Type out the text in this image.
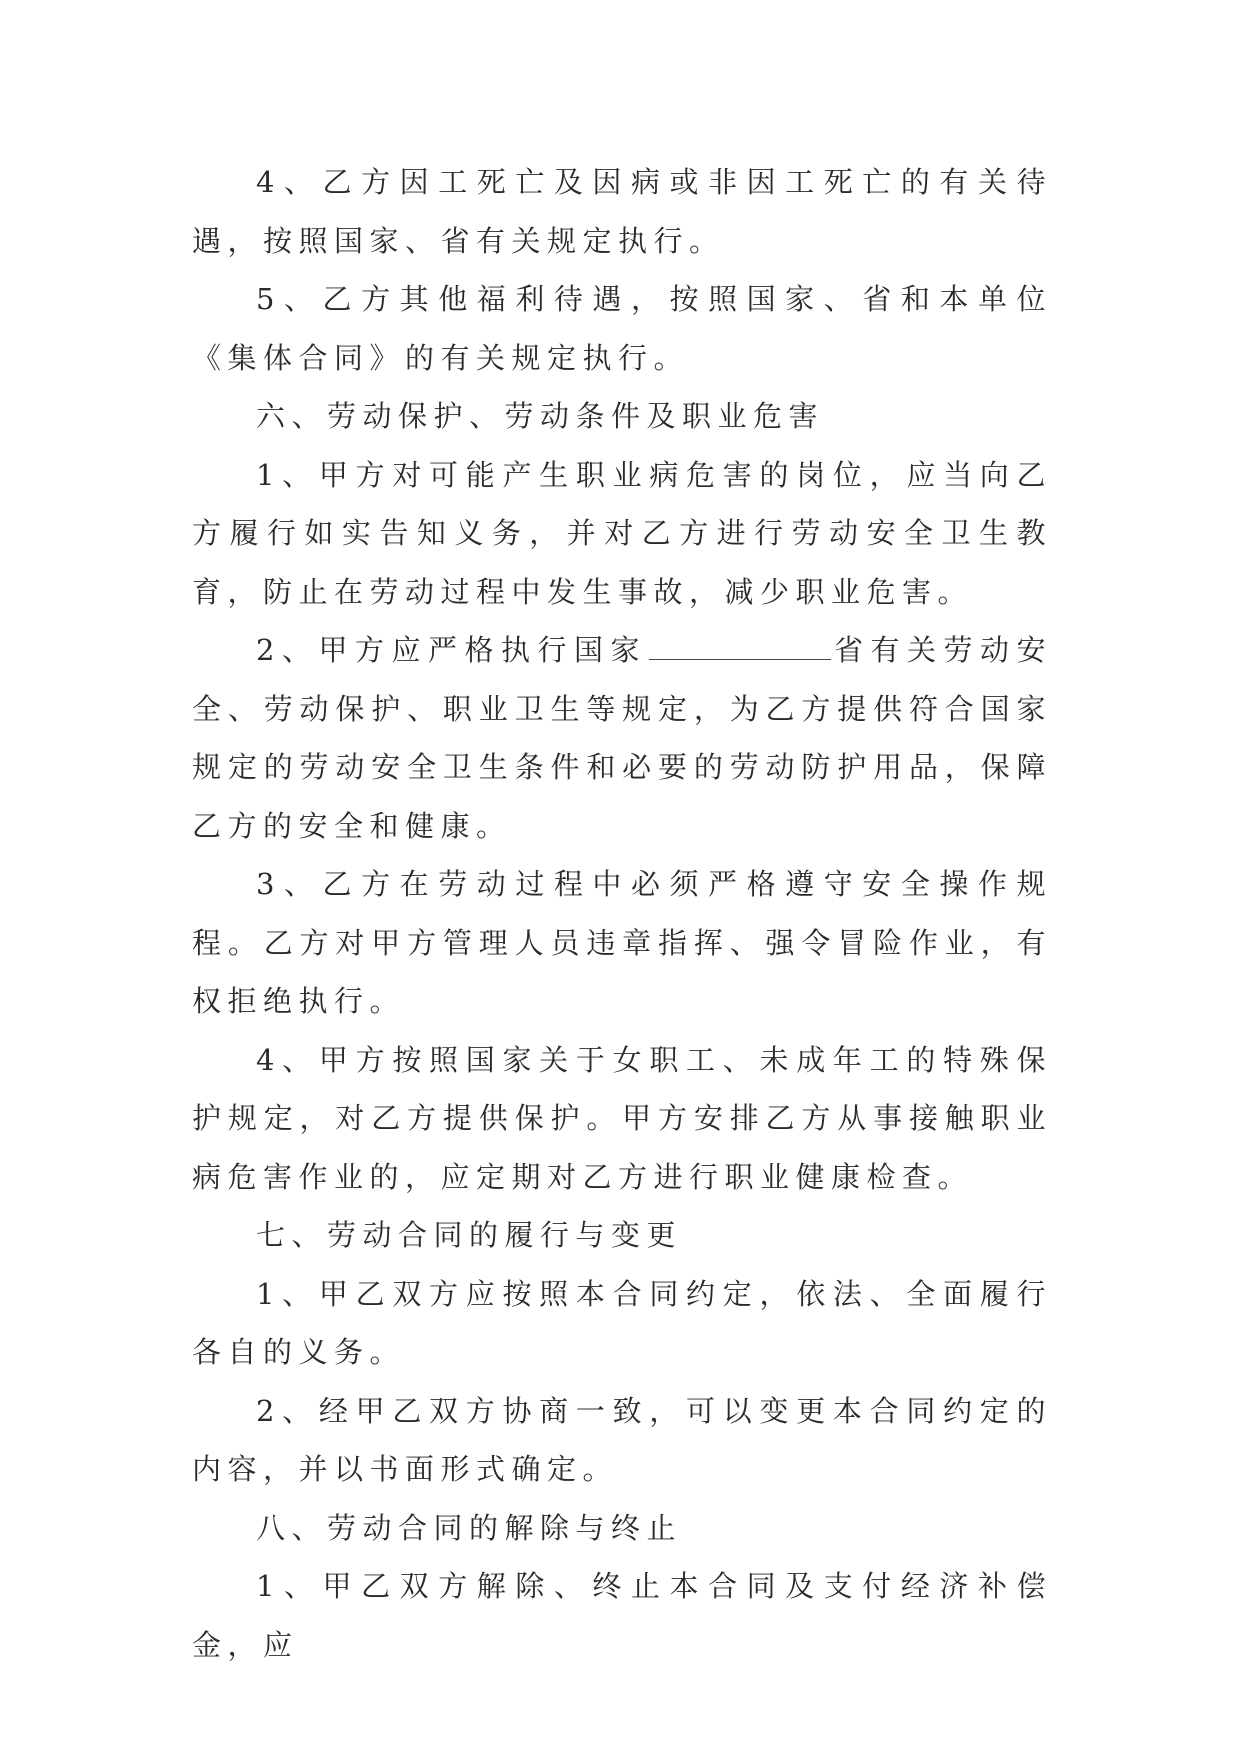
4、乙方因工死亡及因病或非因工死亡的有关待遇，按照国家、省有关规定执行。

5、乙方其他福利待遇，按照国家、省和本单位《集体合同》的有关规定执行。

六、劳动保护、劳动条件及职业危害

1、甲方对可能产生职业病危害的岗位，应当向乙方履行如实告知义务，并对乙方进行劳动安全卫生教育，防止在劳动过程中发生事故，减少职业危害。

2、甲方应严格执行国家	省有关劳动安全、劳动保护、职业卫生等规定，为乙方提供符合国家规定的劳动安全卫生条件和必要的劳动防护用品，保障乙方的安全和健康。

3、乙方在劳动过程中必须严格遵守安全操作规程。乙方对甲方管理人员违章指挥、强令冒险作业，有权拒绝执行。

4、甲方按照国家关于女职工、未成年工的特殊保护规定，对乙方提供保护。甲方安排乙方从事接触职业病危害作业的，应定期对乙方进行职业健康检查。

七、劳动合同的履行与变更

1、甲乙双方应按照本合同约定，依法、全面履行各自的义务。

2、经甲乙双方协商一致，可以变更本合同约定的内容，并以书面形式确定。

八、劳动合同的解除与终止

1、甲乙双方解除、终止本合同及支付经济补偿金，应
